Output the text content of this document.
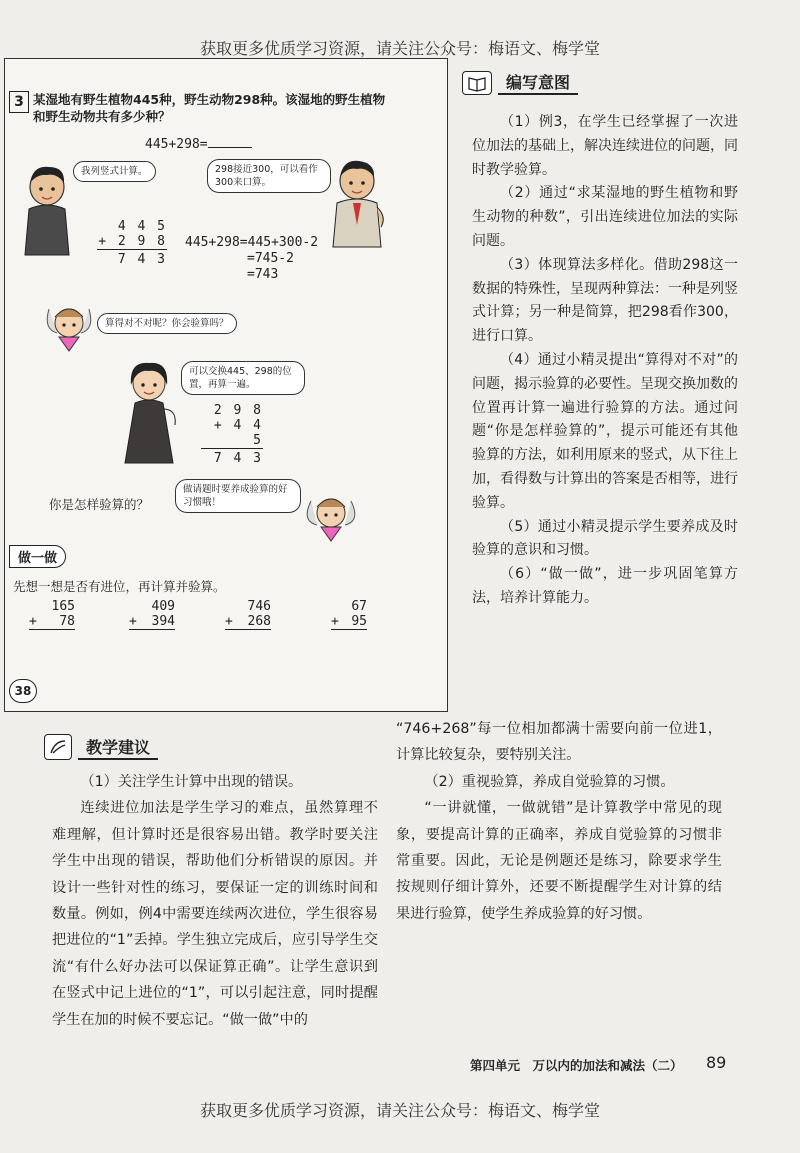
获取更多优质学习资源，请关注公众号：梅语文、梅学堂
获取更多优质学习资源，请关注公众号：梅语文、梅学堂
3 某湿地有野生植物445种，野生动物298种。该湿地的野生植物和野生动物共有多少种？
445+298=
我列竖式计算。	298接近300，可以看作300来口算。
4 4 5
+ 2 9 8
7 4 3
445+298=445+300-2
=745-2
=743
算得对不对呢？你会验算吗？
可以交换445、298的位置，再算一遍。
2 9 8
+ 4 4 5
7 4 3
你是怎样验算的？
做请题时要养成验算的好习惯哦！
做一做
先想一想是否有进位，再计算并验算。
165
+ 78
409
+ 394
746
+ 268
67
+ 95
38
编写意图

（1）例3，在学生已经掌握了一次进位加法的基础上，解决连续进位的问题，同时教学验算。

（2）通过“求某湿地的野生植物和野生动物的种数”，引出连续进位加法的实际问题。

（3）体现算法多样化。借助298这一数据的特殊性，呈现两种算法：一种是列竖式计算；另一种是简算，把298看作300，进行口算。

（4）通过小精灵提出“算得对不对”的问题，揭示验算的必要性。呈现交换加数的位置再计算一遍进行验算的方法。通过问题“你是怎样验算的”，提示可能还有其他验算的方法，如利用原来的竖式，从下往上加，看得数与计算出的答案是否相等，进行验算。

（5）通过小精灵提示学生要养成及时验算的意识和习惯。

（6）“做一做”，进一步巩固笔算方法，培养计算能力。

教学建议

（1）关注学生计算中出现的错误。

连续进位加法是学生学习的难点，虽然算理不难理解，但计算时还是很容易出错。教学时要关注学生中出现的错误，帮助他们分析错误的原因。并设计一些针对性的练习，要保证一定的训练时间和数量。例如，例4中需要连续两次进位，学生很容易把进位的“1”丢掉。学生独立完成后，应引导学生交流“有什么好办法可以保证算正确”。让学生意识到在竖式中记上进位的“1”，可以引起注意，同时提醒学生在加的时候不要忘记。“做一做”中的

“746+268”每一位相加都满十需要向前一位进1，计算比较复杂，要特别关注。

（2）重视验算，养成自觉验算的习惯。

“一讲就懂，一做就错”是计算教学中常见的现象，要提高计算的正确率，养成自觉验算的习惯非常重要。因此，无论是例题还是练习，除要求学生按规则仔细计算外，还要不断提醒学生对计算的结果进行验算，使学生养成验算的好习惯。

第四单元　万以内的加法和减法（二） 89
